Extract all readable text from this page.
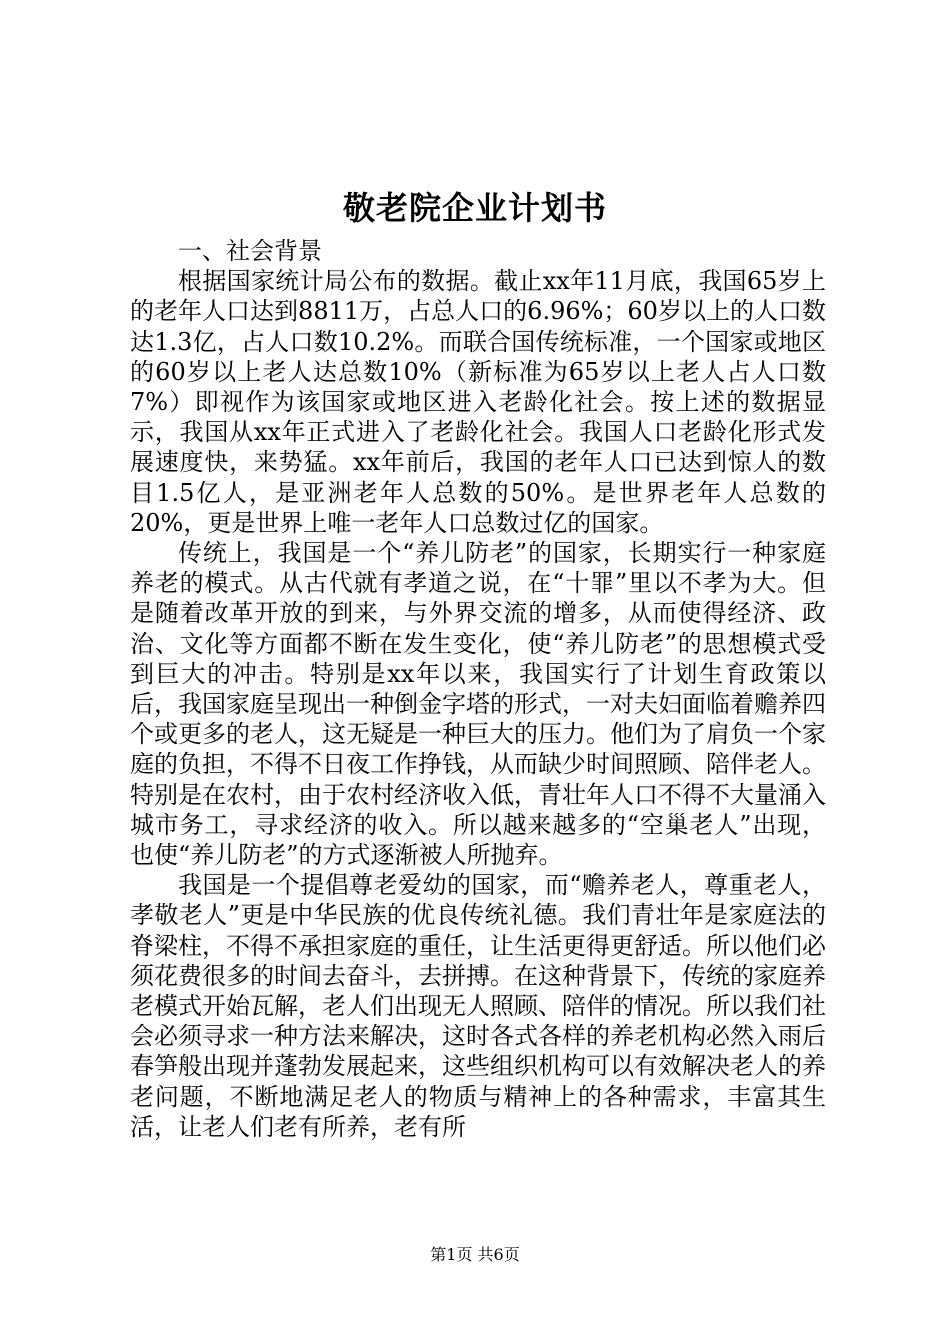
敬老院企业计划书

一、社会背景

根据国家统计局公布的数据。截止xx年11月底，我国65岁上的老年人口达到8811万，占总人口的6.96%；60岁以上的人口数达1.3亿，占人口数10.2%。而联合国传统标准，一个国家或地区的60岁以上老人达总数10%（新标准为65岁以上老人占人口数7%）即视作为该国家或地区进入老龄化社会。按上述的数据显示，我国从xx年正式进入了老龄化社会。我国人口老龄化形式发展速度快，来势猛。xx年前后，我国的老年人口已达到惊人的数目1.5亿人，是亚洲老年人总数的50%。是世界老年人总数的20%，更是世界上唯一老年人口总数过亿的国家。

传统上，我国是一个“养儿防老”的国家，长期实行一种家庭养老的模式。从古代就有孝道之说，在“十罪”里以不孝为大。但是随着改革开放的到来，与外界交流的增多，从而使得经济、政治、文化等方面都不断在发生变化，使“养儿防老”的思想模式受到巨大的冲击。特别是xx年以来，我国实行了计划生育政策以后，我国家庭呈现出一种倒金字塔的形式，一对夫妇面临着赡养四个或更多的老人，这无疑是一种巨大的压力。他们为了肩负一个家庭的负担，不得不日夜工作挣钱，从而缺少时间照顾、陪伴老人。特别是在农村，由于农村经济收入低，青壮年人口不得不大量涌入城市务工，寻求经济的收入。所以越来越多的“空巢老人”出现，也使“养儿防老”的方式逐渐被人所抛弃。

我国是一个提倡尊老爱幼的国家，而“赡养老人，尊重老人，孝敬老人”更是中华民族的优良传统礼德。我们青壮年是家庭法的脊梁柱，不得不承担家庭的重任，让生活更得更舒适。所以他们必须花费很多的时间去奋斗，去拼搏。在这种背景下，传统的家庭养老模式开始瓦解，老人们出现无人照顾、陪伴的情况。所以我们社会必须寻求一种方法来解决，这时各式各样的养老机构必然入雨后春笋般出现并蓬勃发展起来，这些组织机构可以有效解决老人的养老问题，不断地满足老人的物质与精神上的各种需求，丰富其生活，让老人们老有所养，老有所

第1页 共6页
